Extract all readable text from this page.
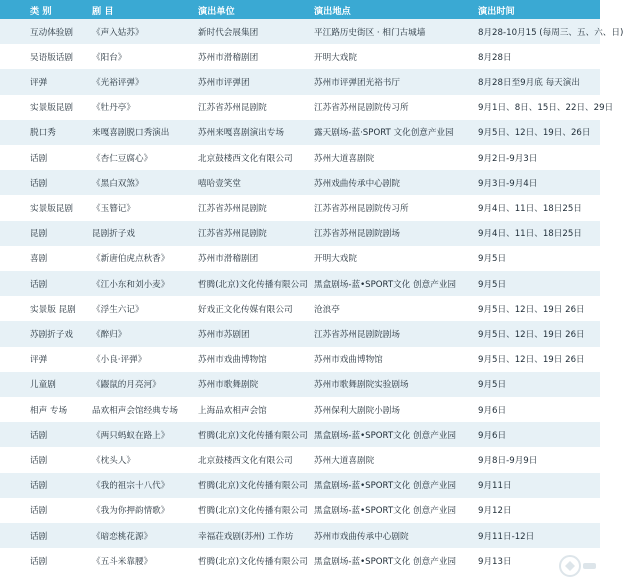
类 别	剧 目	演出单位	演出地点	演出时间
互动体验剧	《声入姑苏》	新时代会展集团	平江路历史街区 · 相门古城墙	8月28-10月15 (每周三、五、六、日)
吴语版话剧	《阳台》	苏州市滑稽剧团	开明大戏院	8月28日
评弹	《光裕评弹》	苏州市评弹团	苏州市评弹团光裕书厅	8月28日至9月底 每天演出
实景版昆剧	《牡丹亭》	江苏省苏州昆剧院	江苏省苏州昆剧院传习所	9月1日、8日、15日、22日、29日
脱口秀	来嘎喜剧脱口秀演出	苏州来嘎喜剧演出专场	露天剧场-蓝·SPORT 文化创意产业园	9月5日、12日、19日、26日
话剧	《杏仁豆腐心》	北京鼓楼西文化有限公司	苏州大道喜剧院	9月2日-9月3日
话剧	《黑白双煞》	嘻哈壹笑堂	苏州戏曲传承中心剧院	9月3日-9月4日
实景版昆剧	《玉簪记》	江苏省苏州昆剧院	江苏省苏州昆剧院传习所	9月4日、11日、18日25日
昆剧	昆剧折子戏	江苏省苏州昆剧院	江苏省苏州昆剧院剧场	9月4日、11日、18日25日
喜剧	《新唐伯虎点秋香》	苏州市滑稽剧团	开明大戏院	9月5日
话剧	《江小东和刘小麦》	哲腾(北京)文化传播有限公司 黑盒剧场-蓝•SPORT文化 创意产业园	9月5日
实景版 昆剧	《浮生六记》	好戏正文化传媒有限公司	沧浪亭	9月5日、12日、19日 26日
苏剧折子戏	《醉归》	苏州市苏剧团	江苏省苏州昆剧院剧场	9月5日、12日、19日 26日
评弹	《小良·评弹》	苏州市戏曲博物馆	苏州市戏曲博物馆	9月5日、12日、19日 26日
儿童剧	《鼹鼠的月亮河》	苏州市歌舞剧院	苏州市歌舞剧院实验剧场	9月5日
相声 专场	品欢相声会馆经典专场	上海品欢相声会馆	苏州保利大剧院小剧场	9月6日
话剧	《两只蚂蚁在路上》	哲腾(北京)文化传播有限公司 黑盒剧场-蓝•SPORT文化 创意产业园	9月6日
话剧	《枕头人》	北京鼓楼西文化有限公司	苏州大道喜剧院	9月8日-9月9日
话剧	《我的祖宗十八代》	哲腾(北京)文化传播有限公司 黑盒剧场-蓝•SPORT文化 创意产业园	9月11日
话剧	《我为你押韵情歌》	哲腾(北京)文化传播有限公司 黑盒剧场-蓝•SPORT文化 创意产业园	9月12日
话剧	《暗恋桃花源》	幸福荘戏剧(苏州) 工作坊	苏州市戏曲传承中心剧院	9月11日-12日
话剧	《五斗米靠腰》	哲腾(北京)文化传播有限公司 黑盒剧场-蓝•SPORT文化 创意产业园	9月13日
